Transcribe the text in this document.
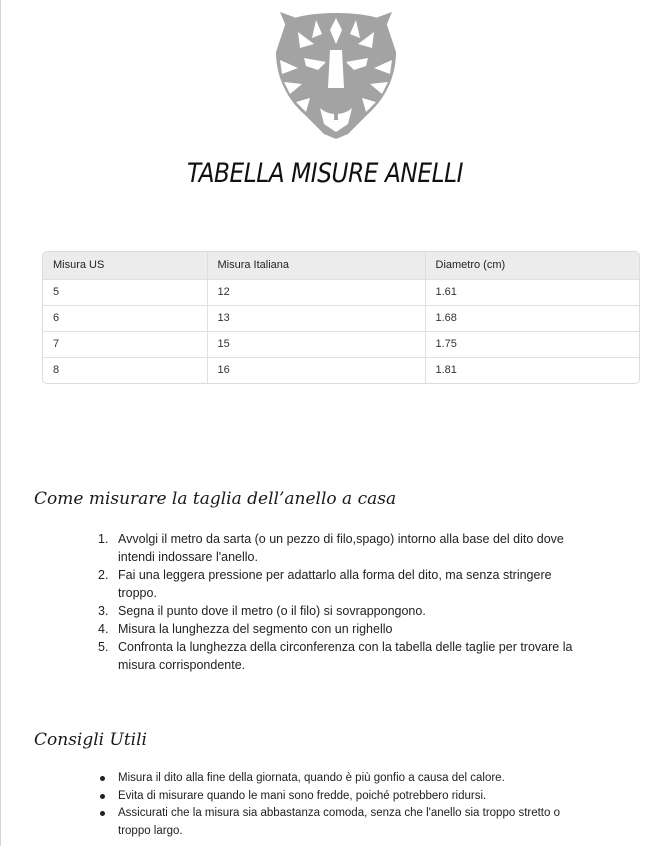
TABELLA MISURE ANELLI
Misura US	Misura Italiana	Diametro (cm)
5	12	1.61
6	13	1.68
7	15	1.75
8	16	1.81
Come misurare la taglia dell’anello a casa
1. Avvolgi il metro da sarta (o un pezzo di filo,spago) intorno alla base del dito dove intendi indossare l'anello.
2. Fai una leggera pressione per adattarlo alla forma del dito, ma senza stringere troppo.
3. Segna il punto dove il metro (o il filo) si sovrappongono.
4. Misura la lunghezza del segmento con un righello
5. Confronta la lunghezza della circonferenza con la tabella delle taglie per trovare la misura corrispondente.
Consigli Utili
Misura il dito alla fine della giornata, quando è più gonfio a causa del calore.
Evita di misurare quando le mani sono fredde, poiché potrebbero ridursi.
Assicurati che la misura sia abbastanza comoda, senza che l'anello sia troppo stretto o troppo largo.
